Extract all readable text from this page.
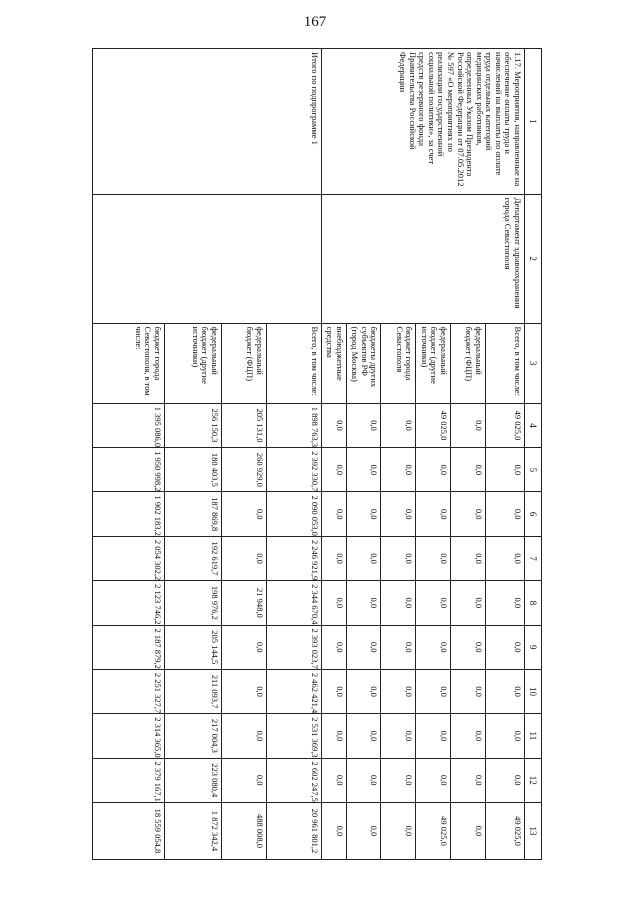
167
1	2	3	4	5	6	7	8	9	10	11	12	13
1.17. Мероприятия, направленные на обеспечение оплаты труда и начислений на выплаты по оплате труда отдельных категорий медицинских работников, определенных Указом Президента Российской Федерации от 07.05.2012 № 597 «О мероприятиях по реализации государственной социальной политики», за счет средств резервного фонда Правительства Российской Федерации	Департамент здравоохранения города Севастополя	Всего, в том числе:	49 025,0	0,0	0,0	0,0	0,0	0,0	0,0	0,0	0,0	49 025,0
		федеральный бюджет (ФЦП)	0,0	0,0	0,0	0,0	0,0	0,0	0,0	0,0	0,0	0,0
		федеральный бюджет (другие источники)	49 025,0	0,0	0,0	0,0	0,0	0,0	0,0	0,0	0,0	49 025,0
		бюджет города Севастополя	0,0	0,0	0,0	0,0	0,0	0,0	0,0	0,0	0,0	0,0
		бюджеты других субъектов РФ (город Москва)	0,0	0,0	0,0	0,0	0,0	0,0	0,0	0,0	0,0	0,0
		внебюджетные средства	0,0	0,0	0,0	0,0	0,0	0,0	0,0	0,0	0,0	0,0
Итого по подпрограмме 1		Всего, в том числе:	1 898 763,3	2 392 330,7	2 090 053,0	2 246 921,9	2 344 670,4	2 393 023,7	2 462 421,4	2 531 369,3	2 602 247,5	20 961 801,2
		федеральный бюджет (ФЦП)	205 131,0	260 929,0	0,0	0,0	21 948,0	0,0	0,0	0,0	0,0	488 008,0
		федеральный бюджет (другие источники)	256 150,3	180 403,5	187 869,8	192 619,7	198 976,2	205 144,5	211 093,7	217 004,3	223 080,4	1 872 342,4
		бюджет города Севастополя, в том числе:	1 395 086,0	1 950 998,2	1 902 183,2	2 054 302,2	2 123 746,2	2 187 879,2	2 251 327,7	2 314 365,0	2 379 167,1	18 559 054,8
